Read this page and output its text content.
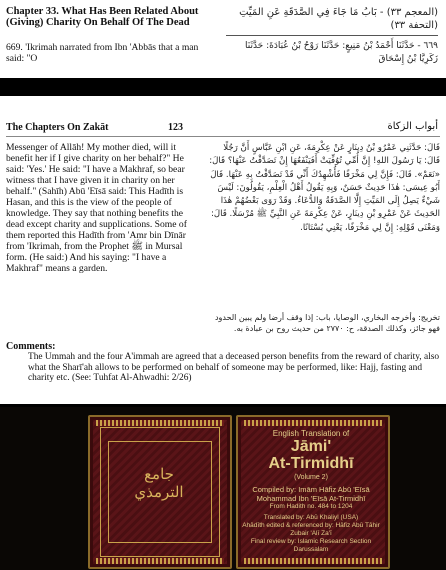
Chapter 33. What Has Been Related About (Giving) Charity On Behalf Of The Dead
669. 'Ikrimah narrated from Ibn 'Abbās that a man said: "O
(المعجم ٣٣) - بَابُ مَا جَاءَ فِي الصَّدَقَةِ عَنِ المَيِّتِ (التحفة ٣٣)
٦٦٩ - حَدَّثَنَا أَحْمَدُ بْنُ مَنِيعٍ: حَدَّثَنَا رَوْحُ بْنُ عُبَادَةَ: حَدَّثَنَا زَكَرِيَّا بْنُ إِسْحَاقَ
The Chapters On Zakāt	123	أبواب الزكاة
Messenger of Allāh! My mother died, will it benefit her if I give charity on her behalf?" He said: 'Yes.' He said: "I have a Makhraf, so bear witness that I have given it in charity on her behalf." (Sahīh) Abū 'Eīsā said: This Hadīth is Hasan, and this is the view of the people of knowledge. They say that nothing benefits the dead except charity and supplications. Some of them reported this Hadīth from 'Amr bin Dīnār from 'Ikrimah, from the Prophet ﷺ in Mursal form. (He said:) And his saying: "I have a Makhraf" means a garden.
قَالَ: حَدَّثَنِي عَمْرُو بْنُ دِينَارٍ عَنْ عِكْرِمَةَ، عَنِ ابْنِ عَبَّاسٍ أَنَّ رَجُلًا قَالَ: يَا رَسُولَ اللهِ! إِنَّ أُمِّي تُوُفِّيَتْ أَفَيَنْفَعُهَا إِنْ تَصَدَّقْتُ عَنْهَا؟ قَالَ: «نَعَمْ». قَالَ: فَإِنَّ لِي مَخْرَفًا فَأُشْهِدُكَ أَنِّي قَدْ تَصَدَّقْتُ بِهِ عَنْهَا. قَالَ أَبُو عِيسَى: هٰذَا حَدِيثٌ حَسَنٌ، وَبِهِ يَقُولُ أَهْلُ الْعِلْمِ، يَقُولُونَ: لَيْسَ شَيْءٌ يَصِلُ إِلَى المَيِّتِ إِلَّا الصَّدَقَةُ وَالدُّعَاءُ. وَقَدْ رَوَى بَعْضُهُمْ هٰذَا الحَدِيثَ عَنْ عَمْرِو بْنِ دِينَارٍ، عَنْ عِكْرِمَةَ عَنِ النَّبِيِّ ﷺ مُرْسَلًا. قَالَ: وَمَعْنَى قَوْلِهِ: إِنَّ لِي مَخْرَفًا، يَعْنِي بُسْتَانًا.
تخريج: وأخرجه البخاري، الوصايا، باب: إذا وقف أرضا ولم يبين الحدود فهو جائز، وكذلك الصدقة، ح: ٢٧٧٠ من حديث روح بن عبادة به.
Comments:
The Ummah and the four A'immah are agreed that a deceased person benefits from the reward of charity, also what the Sharī'ah allows to be performed on behalf of someone may be performed, like: Hajj, fasting and charity etc. (See: Tuhfat Al-Ahwadhi: 2/26)
جامع الترمذي
English Translation of
Jāmi'
At-Tirmidhī
(Volume 2)
Compiled by: Imām Hāfiz Abū 'Eīsā Mohammad Ibn 'Eīsā At-Tirmidhī
From Hadith no. 484 to 1204
Translated by: Abū Khaliyl (USA)
Ahādīth edited & referenced by: Hāfiz Abū Tāhir Zubair 'Alī Za'ī
Final review by: Islamic Research Section Darussalam
